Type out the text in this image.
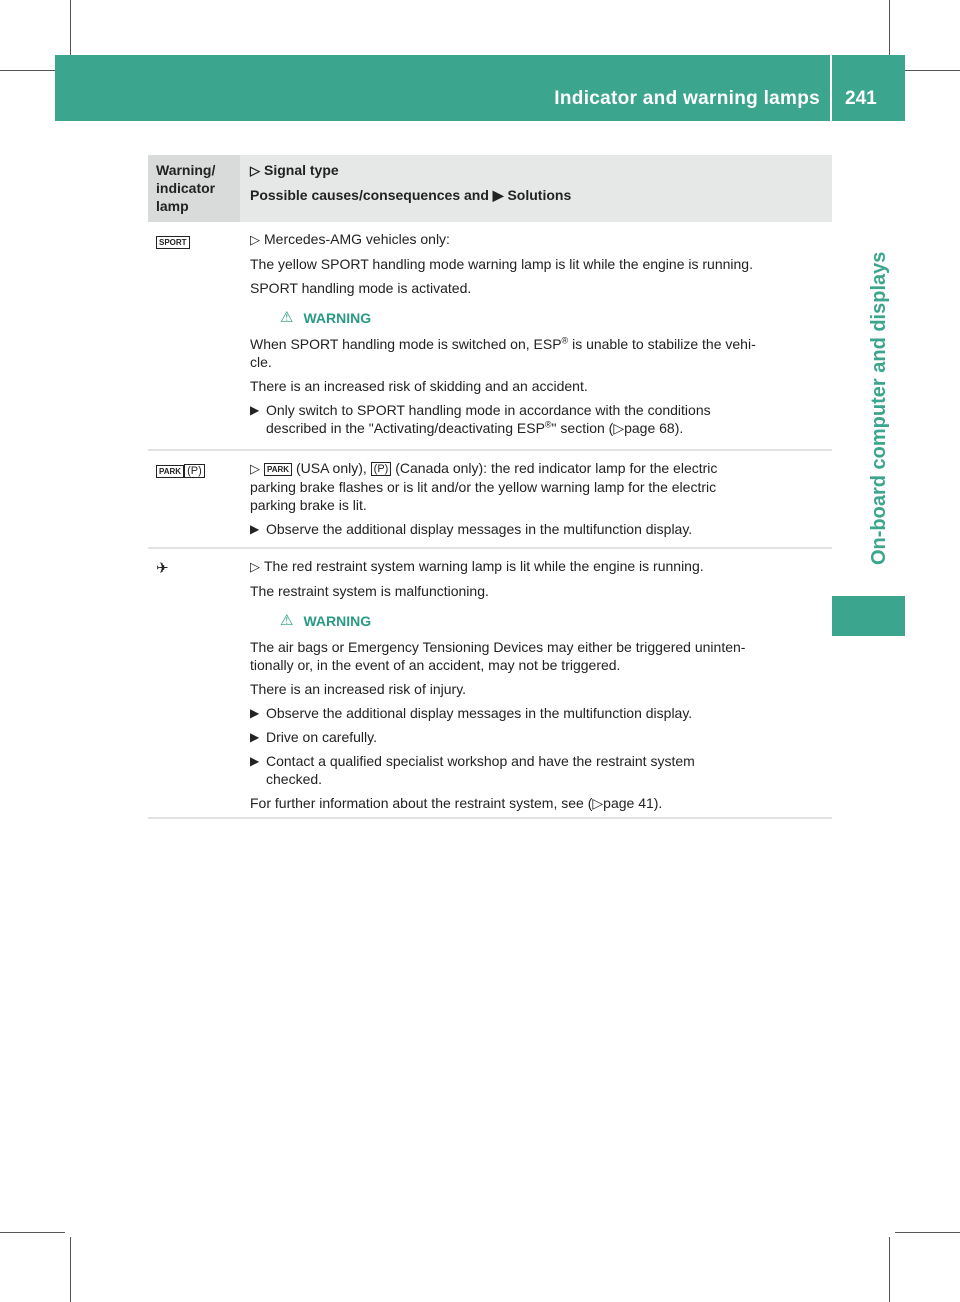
Indicator and warning lamps 241
On-board computer and displays
Warning/ indicator lamp

▷ Signal type

Possible causes/consequences and ▶ Solutions

SPORT	▷ Mercedes-AMG vehicles only:

The yellow SPORT handling mode warning lamp is lit while the engine is running.

SPORT handling mode is activated.

⚠ WARNING

When SPORT handling mode is switched on, ESP® is unable to stabilize the vehi-

cle.

There is an increased risk of skidding and an accident.

▶ Only switch to SPORT handling mode in accordance with the conditions
described in the "Activating/deactivating ESP®" section (▷page 68).
PARK (P)	▷ PARK (USA only), (P) (Canada only): the red indicator lamp for the electric

parking brake flashes or is lit and/or the yellow warning lamp for the electric

parking brake is lit.

▶ Observe the additional display messages in the multifunction display.
✈	▷ The red restraint system warning lamp is lit while the engine is running.

The restraint system is malfunctioning.

⚠ WARNING

The air bags or Emergency Tensioning Devices may either be triggered uninten-

tionally or, in the event of an accident, may not be triggered.

There is an increased risk of injury.

▶ Observe the additional display messages in the multifunction display.
▶ Drive on carefully.
▶ Contact a qualified specialist workshop and have the restraint system
checked.

For further information about the restraint system, see (▷page 41).
